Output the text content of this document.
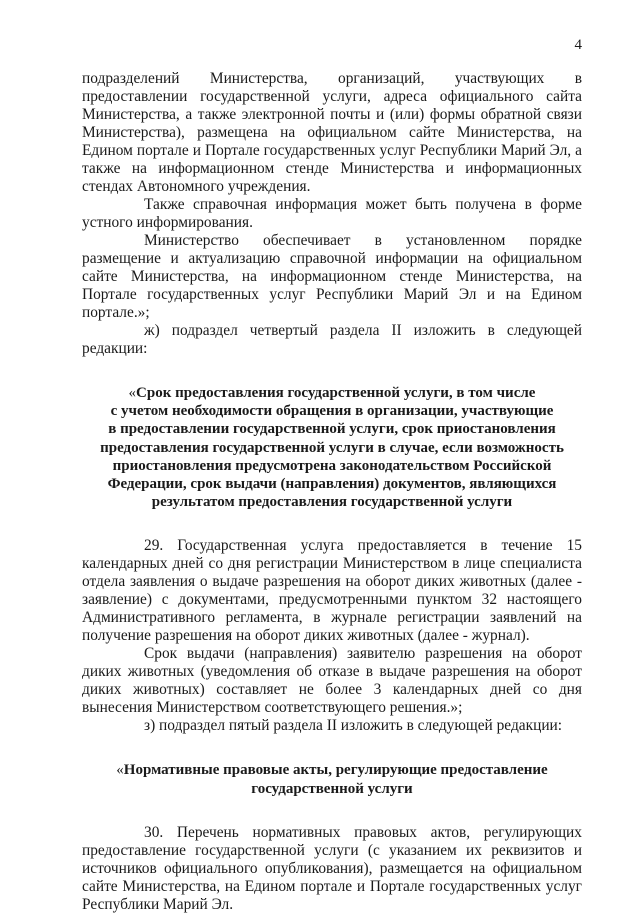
4

подразделений Министерства, организаций, участвующих в предоставлении государственной услуги, адреса официального сайта Министерства, а также электронной почты и (или) формы обратной связи Министерства), размещена на официальном сайте Министерства, на Едином портале и Портале государственных услуг Республики Марий Эл, а также на информационном стенде Министерства и информационных стендах Автономного учреждения.

Также справочная информация может быть получена в форме устного информирования.

Министерство обеспечивает в установленном порядке размещение и актуализацию справочной информации на официальном сайте Министерства, на информационном стенде Министерства, на Портале государственных услуг Республики Марий Эл и на Едином портале.»;

ж) подраздел четвертый раздела II изложить в следующей редакции:

«Срок предоставления государственной услуги, в том числе
с учетом необходимости обращения в организации, участвующие
в предоставлении государственной услуги, срок приостановления
предоставления государственной услуги в случае, если возможность
приостановления предусмотрена законодательством Российской
Федерации, срок выдачи (направления) документов, являющихся
результатом предоставления государственной услуги

29. Государственная услуга предоставляется в течение 15 календарных дней со дня регистрации Министерством в лице специалиста отдела заявления о выдаче разрешения на оборот диких животных (далее - заявление) с документами, предусмотренными пунктом 32 настоящего Административного регламента, в журнале регистрации заявлений на получение разрешения на оборот диких животных (далее - журнал).

Срок выдачи (направления) заявителю разрешения на оборот диких животных (уведомления об отказе в выдаче разрешения на оборот диких животных) составляет не более 3 календарных дней со дня вынесения Министерством соответствующего решения.»;

з) подраздел пятый раздела II изложить в следующей редакции:

«Нормативные правовые акты, регулирующие предоставление
государственной услуги

30. Перечень нормативных правовых актов, регулирующих предоставление государственной услуги (с указанием их реквизитов и источников официального опубликования), размещается на официальном сайте Министерства, на Едином портале и Портале государственных услуг Республики Марий Эл.
